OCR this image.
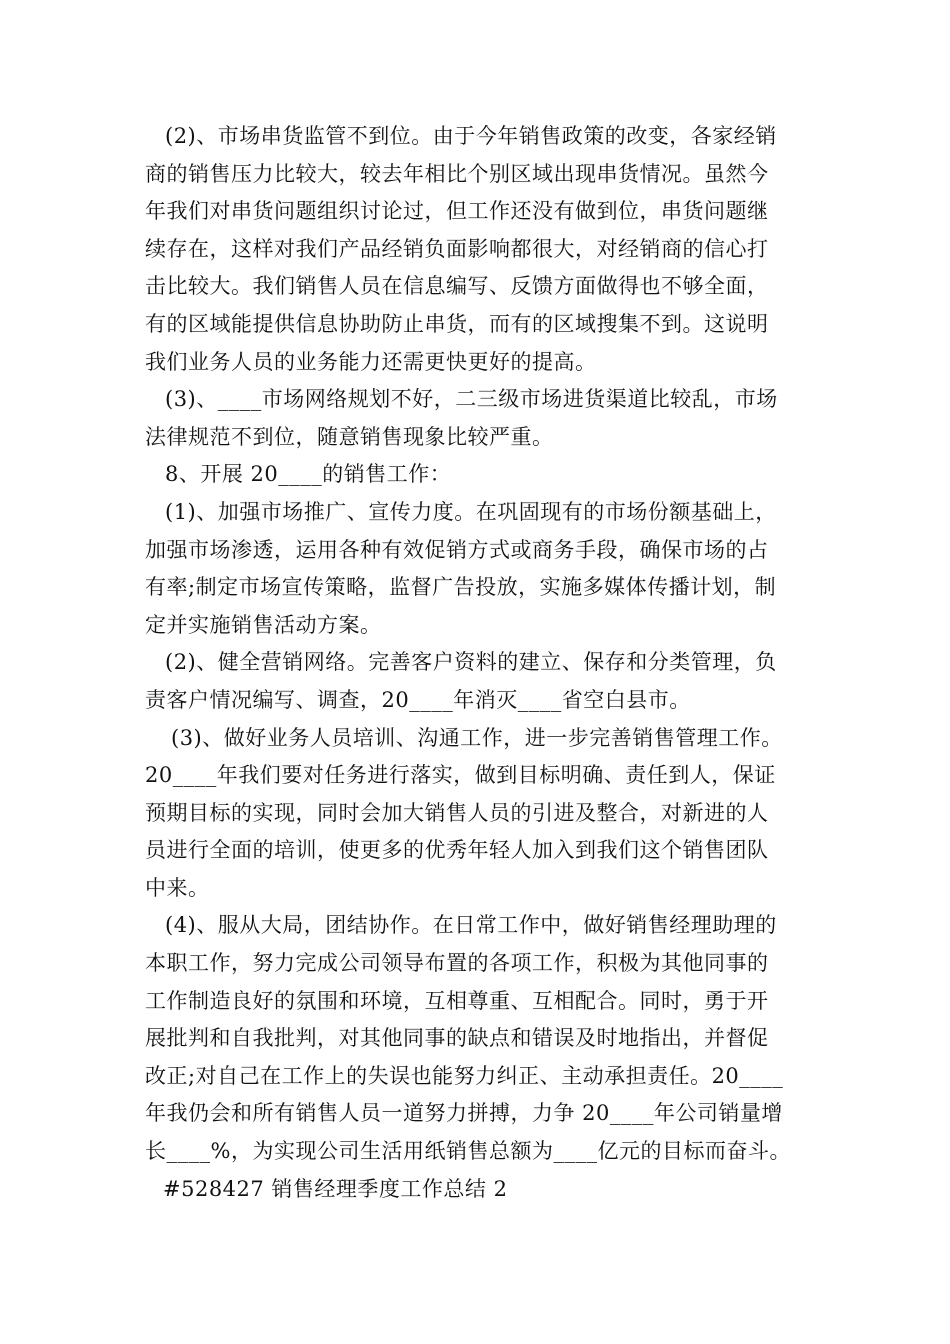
(2)、市场串货监管不到位。由于今年销售政策的改变，各家经销
商的销售压力比较大，较去年相比个别区域出现串货情况。虽然今
年我们对串货问题组织讨论过，但工作还没有做到位，串货问题继
续存在，这样对我们产品经销负面影响都很大，对经销商的信心打
击比较大。我们销售人员在信息编写、反馈方面做得也不够全面，
有的区域能提供信息协助防止串货，而有的区域搜集不到。这说明
我们业务人员的业务能力还需更快更好的提高。
(3)、____市场网络规划不好，二三级市场进货渠道比较乱，市场
法律规范不到位，随意销售现象比较严重。
8、开展 20____的销售工作：
(1)、加强市场推广、宣传力度。在巩固现有的市场份额基础上，
加强市场渗透，运用各种有效促销方式或商务手段，确保市场的占
有率;制定市场宣传策略，监督广告投放，实施多媒体传播计划，制
定并实施销售活动方案。
(2)、健全营销网络。完善客户资料的建立、保存和分类管理，负
责客户情况编写、调查，20____年消灭____省空白县市。
(3)、做好业务人员培训、沟通工作，进一步完善销售管理工作。
20____年我们要对任务进行落实，做到目标明确、责任到人，保证
预期目标的实现，同时会加大销售人员的引进及整合，对新进的人
员进行全面的培训，使更多的优秀年轻人加入到我们这个销售团队
中来。
(4)、服从大局，团结协作。在日常工作中，做好销售经理助理的
本职工作，努力完成公司领导布置的各项工作，积极为其他同事的
工作制造良好的氛围和环境，互相尊重、互相配合。同时，勇于开
展批判和自我批判，对其他同事的缺点和错误及时地指出，并督促
改正;对自己在工作上的失误也能努力纠正、主动承担责任。20____
年我仍会和所有销售人员一道努力拼搏，力争 20____年公司销量增
长____%，为实现公司生活用纸销售总额为____亿元的目标而奋斗。
#528427 销售经理季度工作总结 2
